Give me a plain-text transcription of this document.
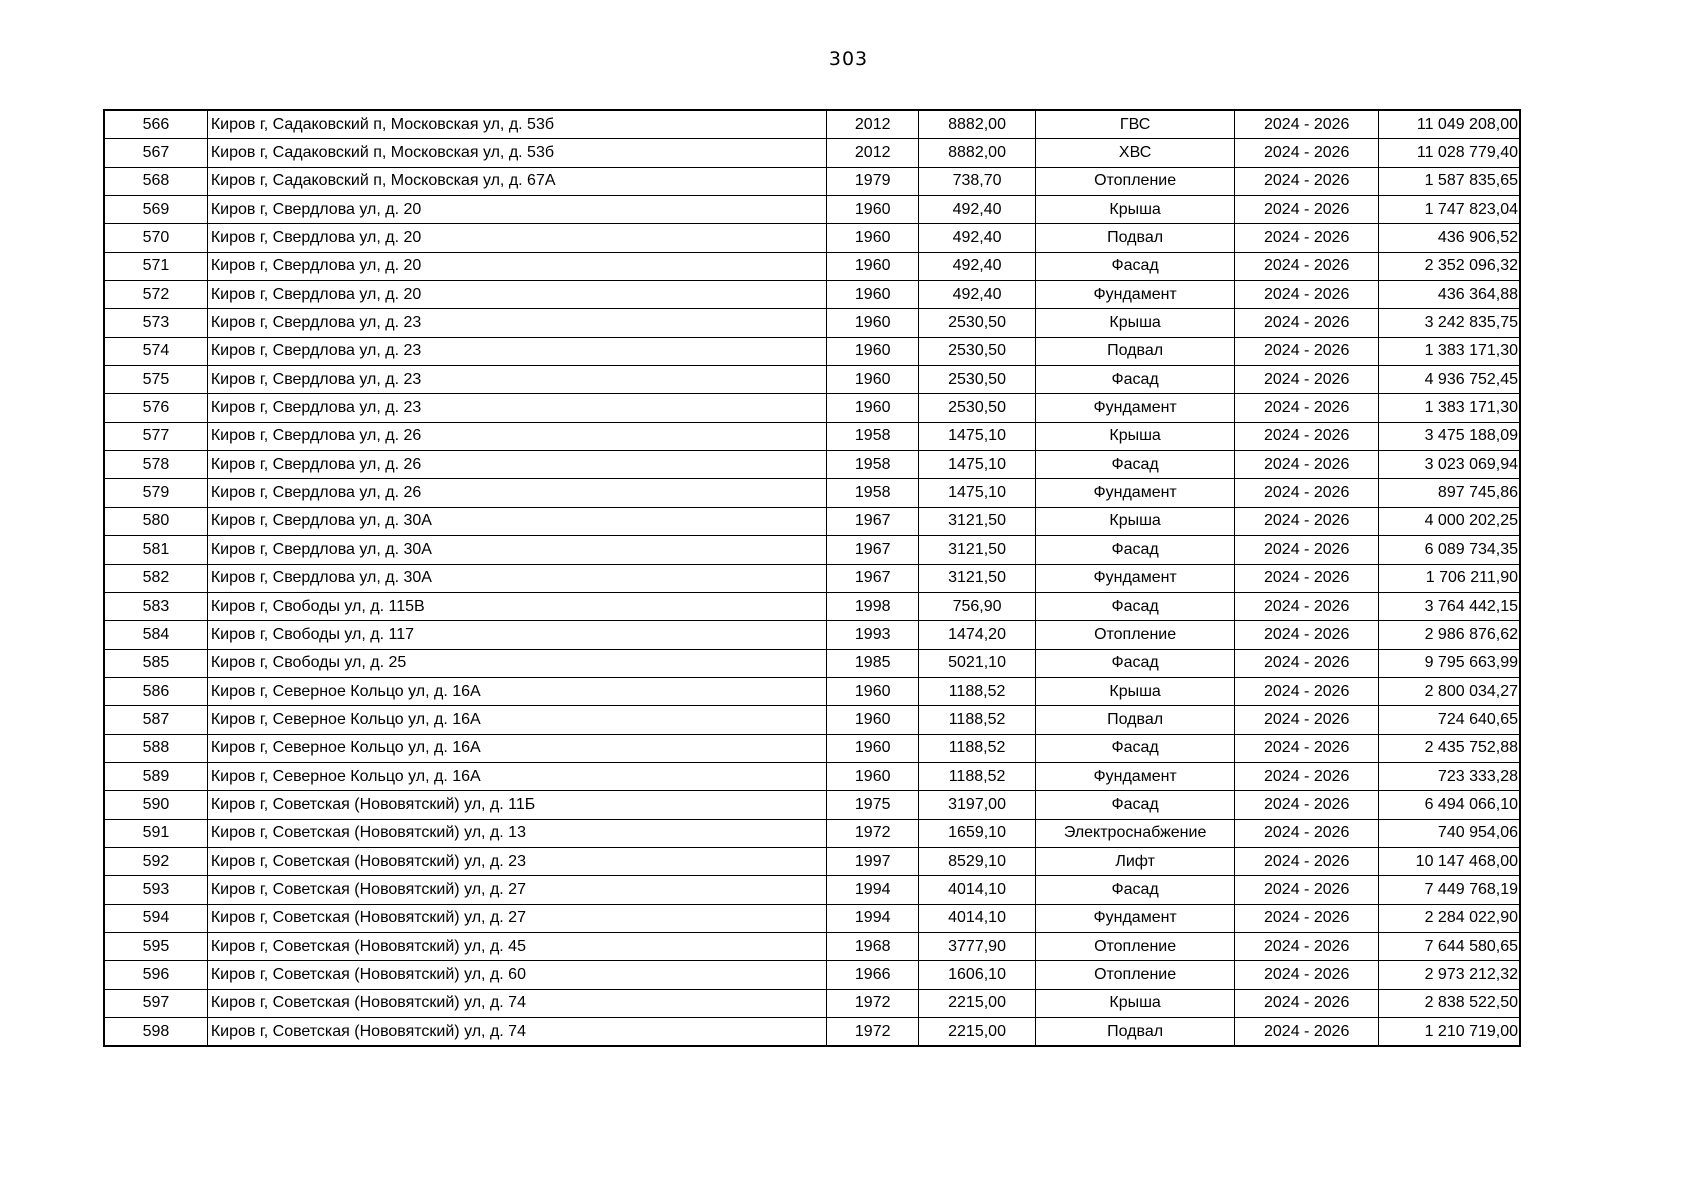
303
566	Киров г, Садаковский п, Московская ул, д. 53б	2012	8882,00	ГВС	2024 - 2026	11 049 208,00
567	Киров г, Садаковский п, Московская ул, д. 53б	2012	8882,00	ХВС	2024 - 2026	11 028 779,40
568	Киров г, Садаковский п, Московская ул, д. 67А	1979	738,70	Отопление	2024 - 2026	1 587 835,65
569	Киров г, Свердлова ул, д. 20	1960	492,40	Крыша	2024 - 2026	1 747 823,04
570	Киров г, Свердлова ул, д. 20	1960	492,40	Подвал	2024 - 2026	436 906,52
571	Киров г, Свердлова ул, д. 20	1960	492,40	Фасад	2024 - 2026	2 352 096,32
572	Киров г, Свердлова ул, д. 20	1960	492,40	Фундамент	2024 - 2026	436 364,88
573	Киров г, Свердлова ул, д. 23	1960	2530,50	Крыша	2024 - 2026	3 242 835,75
574	Киров г, Свердлова ул, д. 23	1960	2530,50	Подвал	2024 - 2026	1 383 171,30
575	Киров г, Свердлова ул, д. 23	1960	2530,50	Фасад	2024 - 2026	4 936 752,45
576	Киров г, Свердлова ул, д. 23	1960	2530,50	Фундамент	2024 - 2026	1 383 171,30
577	Киров г, Свердлова ул, д. 26	1958	1475,10	Крыша	2024 - 2026	3 475 188,09
578	Киров г, Свердлова ул, д. 26	1958	1475,10	Фасад	2024 - 2026	3 023 069,94
579	Киров г, Свердлова ул, д. 26	1958	1475,10	Фундамент	2024 - 2026	897 745,86
580	Киров г, Свердлова ул, д. 30А	1967	3121,50	Крыша	2024 - 2026	4 000 202,25
581	Киров г, Свердлова ул, д. 30А	1967	3121,50	Фасад	2024 - 2026	6 089 734,35
582	Киров г, Свердлова ул, д. 30А	1967	3121,50	Фундамент	2024 - 2026	1 706 211,90
583	Киров г, Свободы ул, д. 115В	1998	756,90	Фасад	2024 - 2026	3 764 442,15
584	Киров г, Свободы ул, д. 117	1993	1474,20	Отопление	2024 - 2026	2 986 876,62
585	Киров г, Свободы ул, д. 25	1985	5021,10	Фасад	2024 - 2026	9 795 663,99
586	Киров г, Северное Кольцо ул, д. 16А	1960	1188,52	Крыша	2024 - 2026	2 800 034,27
587	Киров г, Северное Кольцо ул, д. 16А	1960	1188,52	Подвал	2024 - 2026	724 640,65
588	Киров г, Северное Кольцо ул, д. 16А	1960	1188,52	Фасад	2024 - 2026	2 435 752,88
589	Киров г, Северное Кольцо ул, д. 16А	1960	1188,52	Фундамент	2024 - 2026	723 333,28
590	Киров г, Советская (Нововятский) ул, д. 11Б	1975	3197,00	Фасад	2024 - 2026	6 494 066,10
591	Киров г, Советская (Нововятский) ул, д. 13	1972	1659,10	Электроснабжение	2024 - 2026	740 954,06
592	Киров г, Советская (Нововятский) ул, д. 23	1997	8529,10	Лифт	2024 - 2026	10 147 468,00
593	Киров г, Советская (Нововятский) ул, д. 27	1994	4014,10	Фасад	2024 - 2026	7 449 768,19
594	Киров г, Советская (Нововятский) ул, д. 27	1994	4014,10	Фундамент	2024 - 2026	2 284 022,90
595	Киров г, Советская (Нововятский) ул, д. 45	1968	3777,90	Отопление	2024 - 2026	7 644 580,65
596	Киров г, Советская (Нововятский) ул, д. 60	1966	1606,10	Отопление	2024 - 2026	2 973 212,32
597	Киров г, Советская (Нововятский) ул, д. 74	1972	2215,00	Крыша	2024 - 2026	2 838 522,50
598	Киров г, Советская (Нововятский) ул, д. 74	1972	2215,00	Подвал	2024 - 2026	1 210 719,00
